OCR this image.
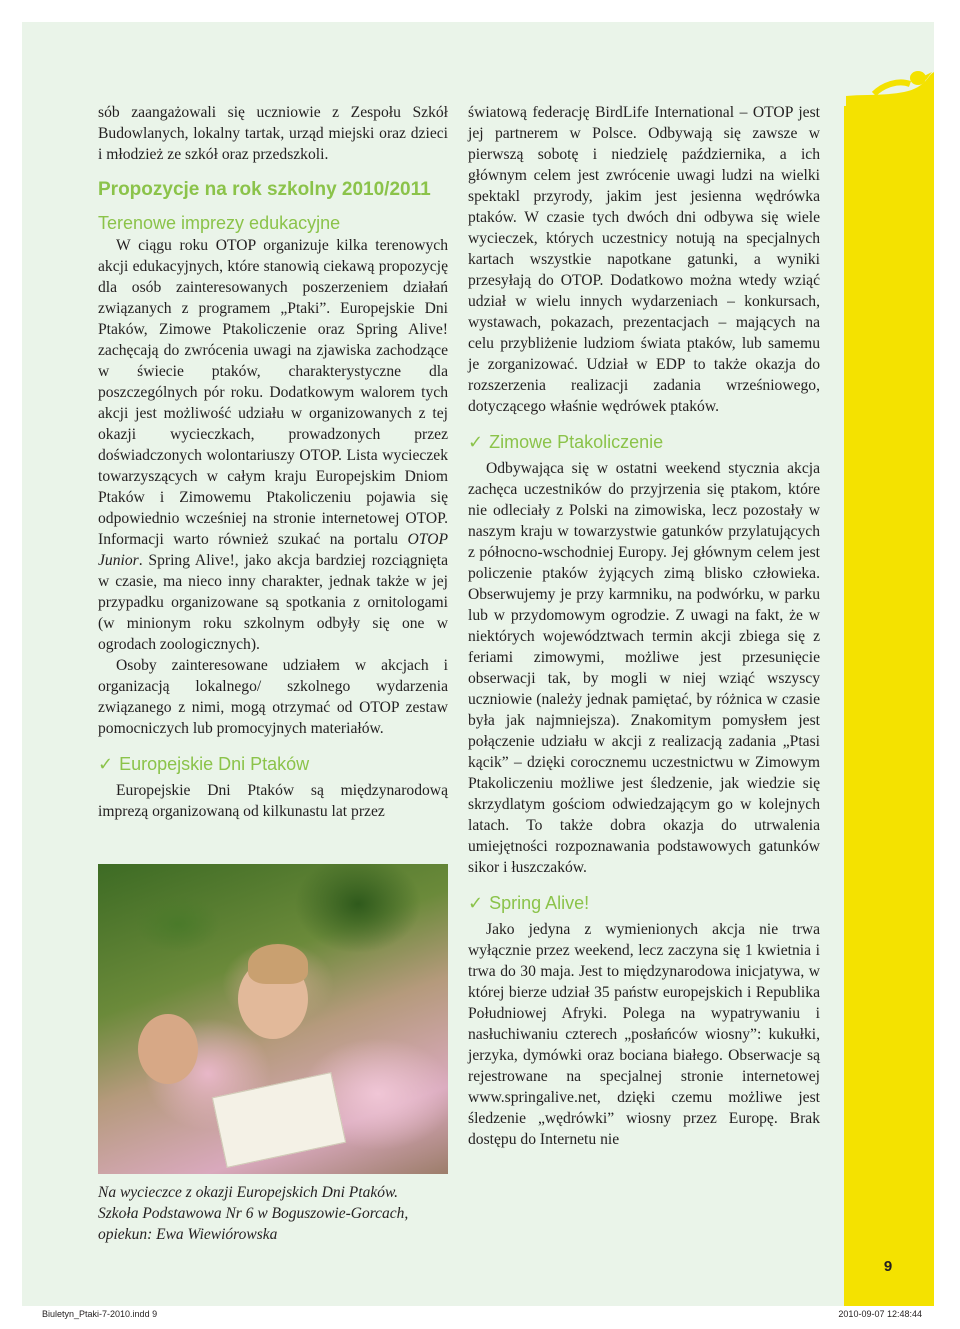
sób zaangażowali się uczniowie z Zespołu Szkół Budowlanych, lokalny tartak, urząd miejski oraz dzieci i młodzież ze szkół oraz przedszkoli.

Propozycje na rok szkolny 2010/2011
Terenowe imprezy edukacyjne

W ciągu roku OTOP organizuje kilka terenowych akcji edukacyjnych, które stanowią ciekawą propozycję dla osób zainteresowanych poszerzeniem działań związanych z programem „Ptaki”. Europejskie Dni Ptaków, Zimowe Ptakoliczenie oraz Spring Alive! zachęcają do zwrócenia uwagi na zjawiska zachodzące w świecie ptaków, charakterystyczne dla poszczególnych pór roku. Dodatkowym walorem tych akcji jest możliwość udziału w organizowanych z tej okazji wycieczkach, prowadzonych przez doświadczonych wolontariuszy OTOP. Lista wycieczek towarzyszących w całym kraju Europejskim Dniom Ptaków i Zimowemu Ptakoliczeniu pojawia się odpowiednio wcześniej na stronie internetowej OTOP. Informacji warto również szukać na portalu OTOP Junior. Spring Alive!, jako akcja bardziej rozciągnięta w czasie, ma nieco inny charakter, jednak także w jej przypadku organizowane są spotkania z ornitologami (w minionym roku szkolnym odbyły się one w ogrodach zoologicznych).

Osoby zainteresowane udziałem w akcjach i organizacją lokalnego/ szkolnego wydarzenia związanego z nimi, mogą otrzymać od OTOP zestaw pomocniczych lub promocyjnych materiałów.

✓ Europejskie Dni Ptaków

Europejskie Dni Ptaków są międzynarodową imprezą organizowaną od kilkunastu lat przez

Na wycieczce z okazji Europejskich Dni Ptaków.

Szkoła Podstawowa Nr 6 w Boguszowie-Gorcach,

opiekun: Ewa Wiewiórowska

światową federację BirdLife International – OTOP jest jej partnerem w Polsce. Odbywają się zawsze w pierwszą sobotę i niedzielę października, a ich głównym celem jest zwrócenie uwagi ludzi na wielki spektakl przyrody, jakim jest jesienna wędrówka ptaków. W czasie tych dwóch dni odbywa się wiele wycieczek, których uczestnicy notują na specjalnych kartach wszystkie napotkane gatunki, a wyniki przesyłają do OTOP. Dodatkowo można wtedy wziąć udział w wielu innych wydarzeniach – konkursach, wystawach, pokazach, prezentacjach – mających na celu przybliżenie ludziom świata ptaków, lub samemu je zorganizować. Udział w EDP to także okazja do rozszerzenia realizacji zadania wrześniowego, dotyczącego właśnie wędrówek ptaków.

✓ Zimowe Ptakoliczenie

Odbywająca się w ostatni weekend stycznia akcja zachęca uczestników do przyjrzenia się ptakom, które nie odleciały z Polski na zimowiska, lecz pozostały w naszym kraju w towarzystwie gatunków przylatujących z północno-wschodniej Europy. Jej głównym celem jest policzenie ptaków żyjących zimą blisko człowieka. Obserwujemy je przy karmniku, na podwórku, w parku lub w przydomowym ogrodzie. Z uwagi na fakt, że w niektórych województwach termin akcji zbiega się z feriami zimowymi, możliwe jest przesunięcie obserwacji tak, by mogli w niej wziąć wszyscy uczniowie (należy jednak pamiętać, by różnica w czasie była jak najmniejsza). Znakomitym pomysłem jest połączenie udziału w akcji z realizacją zadania „Ptasi kącik” – dzięki corocznemu uczestnictwu w Zimowym Ptakoliczeniu możliwe jest śledzenie, jak wiedzie się skrzydlatym gościom odwiedzającym go w kolejnych latach. To także dobra okazja do utrwalenia umiejętności rozpoznawania podstawowych gatunków sikor i łuszczaków.

✓ Spring Alive!

Jako jedyna z wymienionych akcja nie trwa wyłącznie przez weekend, lecz zaczyna się 1 kwietnia i trwa do 30 maja. Jest to międzynarodowa inicjatywa, w której bierze udział 35 państw europejskich i Republika Południowej Afryki. Polega na wypatrywaniu i nasłuchiwaniu czterech „posłańców wiosny”: kukułki, jerzyka, dymówki oraz bociana białego. Obserwacje są rejestrowane na specjalnej stronie internetowej www.springalive.net, dzięki czemu możliwe jest śledzenie „wędrówki” wiosny przez Europę. Brak dostępu do Internetu nie

9
Biuletyn_Ptaki-7-2010.indd 9	2010-09-07 12:48:44
